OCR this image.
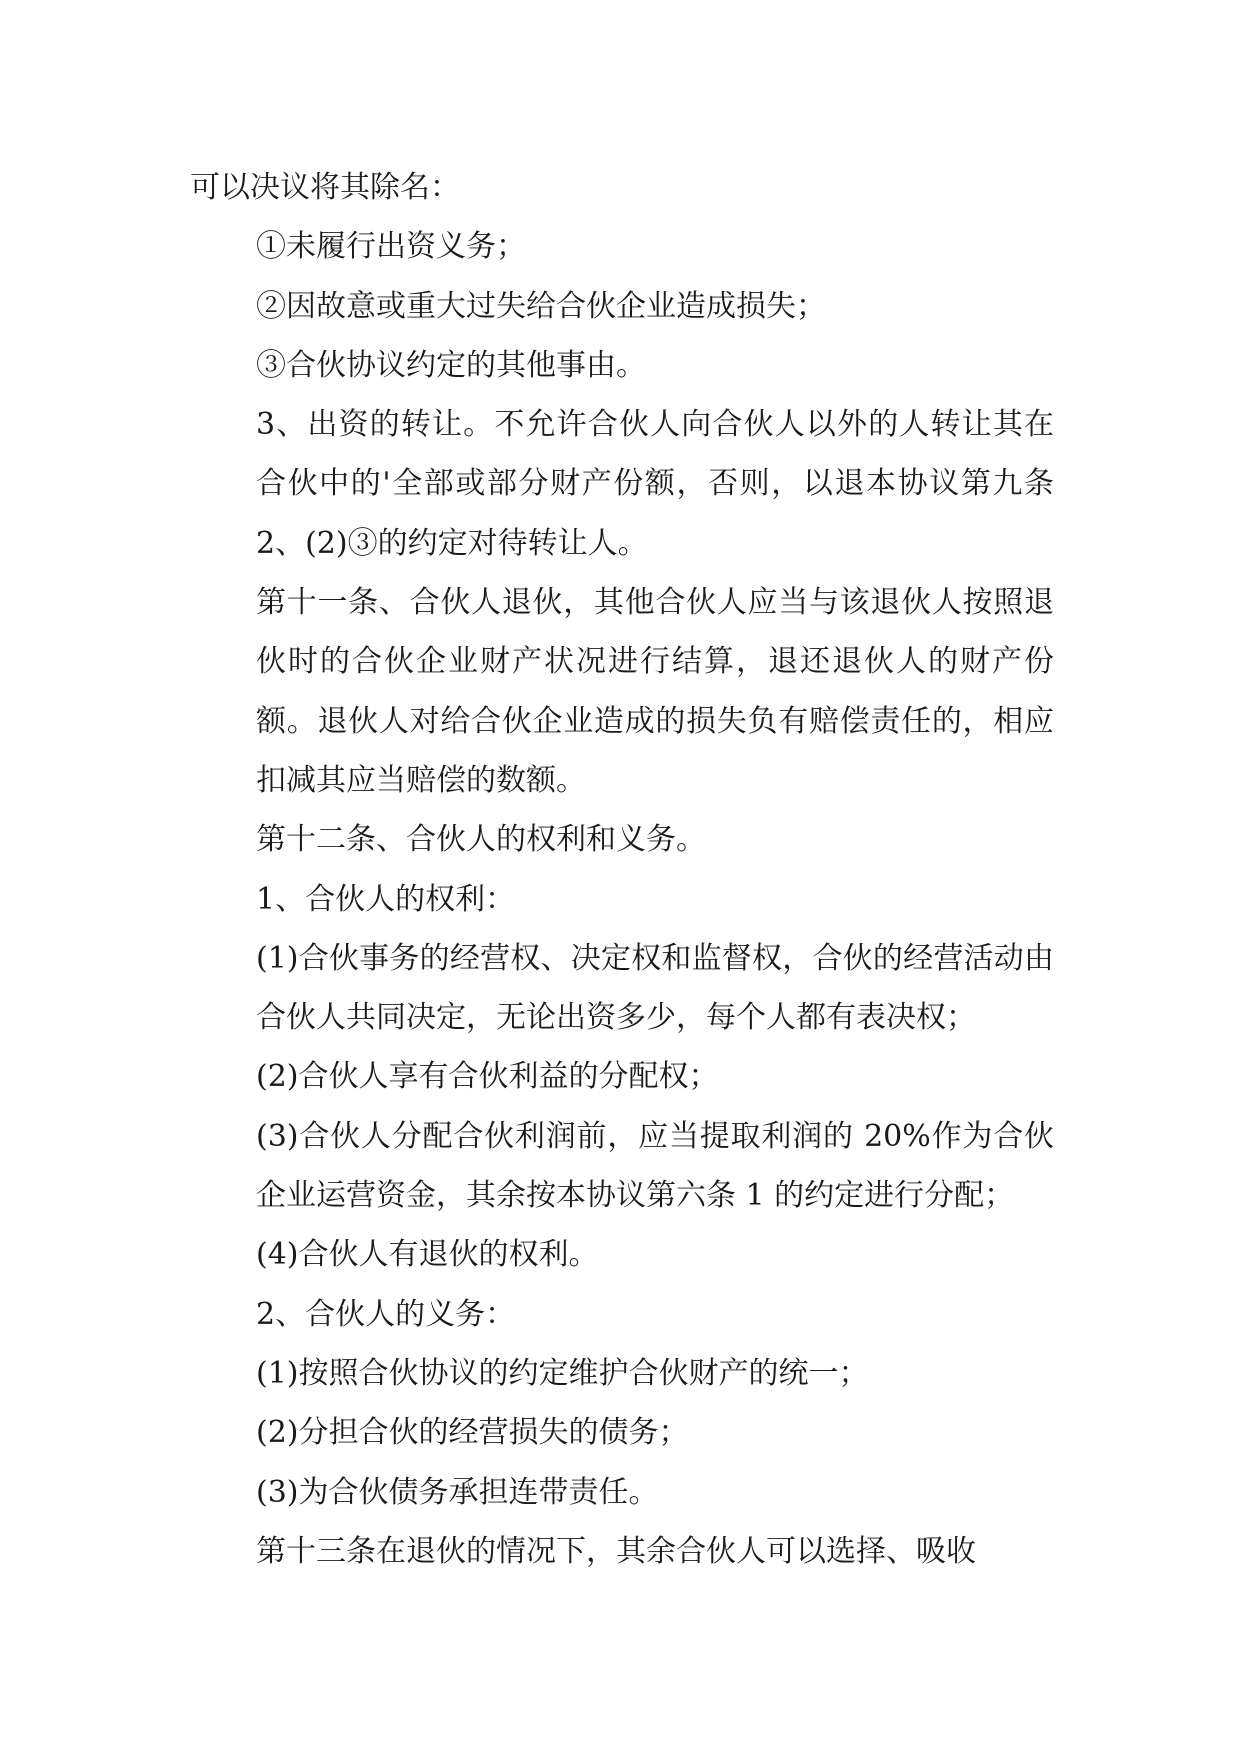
可以决议将其除名：

①未履行出资义务；

②因故意或重大过失给合伙企业造成损失；

③合伙协议约定的其他事由。

3、出资的转让。不允许合伙人向合伙人以外的人转让其在合伙中的'全部或部分财产份额，否则，以退本协议第九条 2、(2)③的约定对待转让人。

第十一条、合伙人退伙，其他合伙人应当与该退伙人按照退伙时的合伙企业财产状况进行结算，退还退伙人的财产份额。退伙人对给合伙企业造成的损失负有赔偿责任的，相应扣减其应当赔偿的数额。

第十二条、合伙人的权利和义务。

1、合伙人的权利：

(1)合伙事务的经营权、决定权和监督权，合伙的经营活动由合伙人共同决定，无论出资多少，每个人都有表决权；

(2)合伙人享有合伙利益的分配权；

(3)合伙人分配合伙利润前，应当提取利润的 20%作为合伙企业运营资金，其余按本协议第六条 1 的约定进行分配；

(4)合伙人有退伙的权利。

2、合伙人的义务：

(1)按照合伙协议的约定维护合伙财产的统一；

(2)分担合伙的经营损失的债务；

(3)为合伙债务承担连带责任。

第十三条在退伙的情况下，其余合伙人可以选择、吸收
